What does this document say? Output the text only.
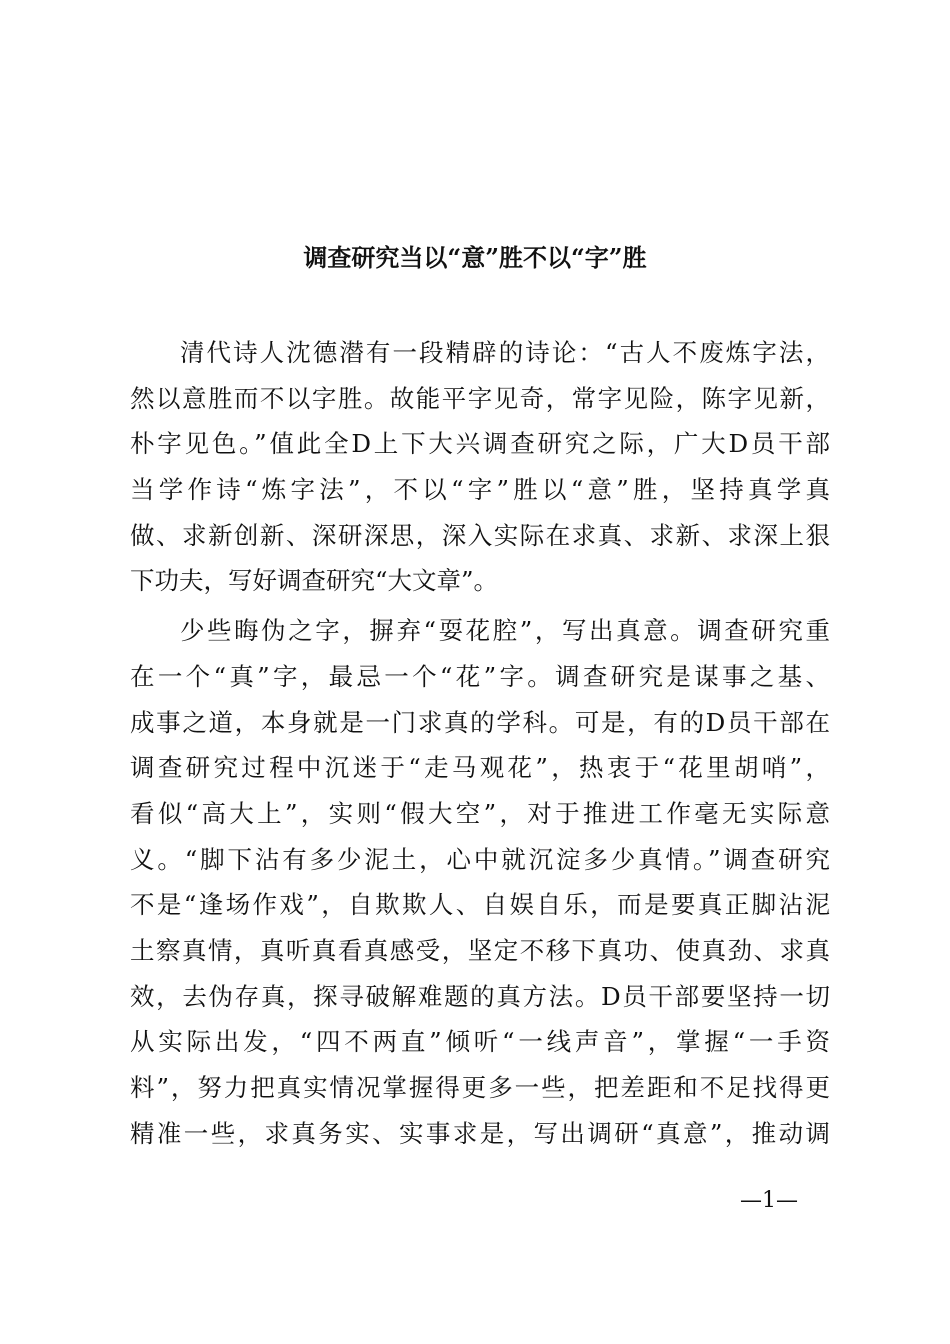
调查研究当以“意”胜不以“字”胜
清代诗人沈德潜有一段精辟的诗论：“古人不废炼字法，
然以意胜而不以字胜。故能平字见奇，常字见险，陈字见新，
朴字见色。”值此全D上下大兴调查研究之际，广大D员干部
当学作诗“炼字法”，不以“字”胜以“意”胜，坚持真学真
做、求新创新、深研深思，深入实际在求真、求新、求深上狠
下功夫，写好调查研究“大文章”。
少些晦伪之字，摒弃“耍花腔”，写出真意。调查研究重
在一个“真”字，最忌一个“花”字。调查研究是谋事之基、
成事之道，本身就是一门求真的学科。可是，有的D员干部在
调查研究过程中沉迷于“走马观花”，热衷于“花里胡哨”，
看似“高大上”，实则“假大空”，对于推进工作毫无实际意
义。“脚下沾有多少泥土，心中就沉淀多少真情。”调查研究
不是“逢场作戏”，自欺欺人、自娱自乐，而是要真正脚沾泥
土察真情，真听真看真感受，坚定不移下真功、使真劲、求真
效，去伪存真，探寻破解难题的真方法。D员干部要坚持一切
从实际出发，“四不两直”倾听“一线声音”，掌握“一手资
料”，努力把真实情况掌握得更多一些，把差距和不足找得更
精准一些，求真务实、实事求是，写出调研“真意”，推动调
—1—
